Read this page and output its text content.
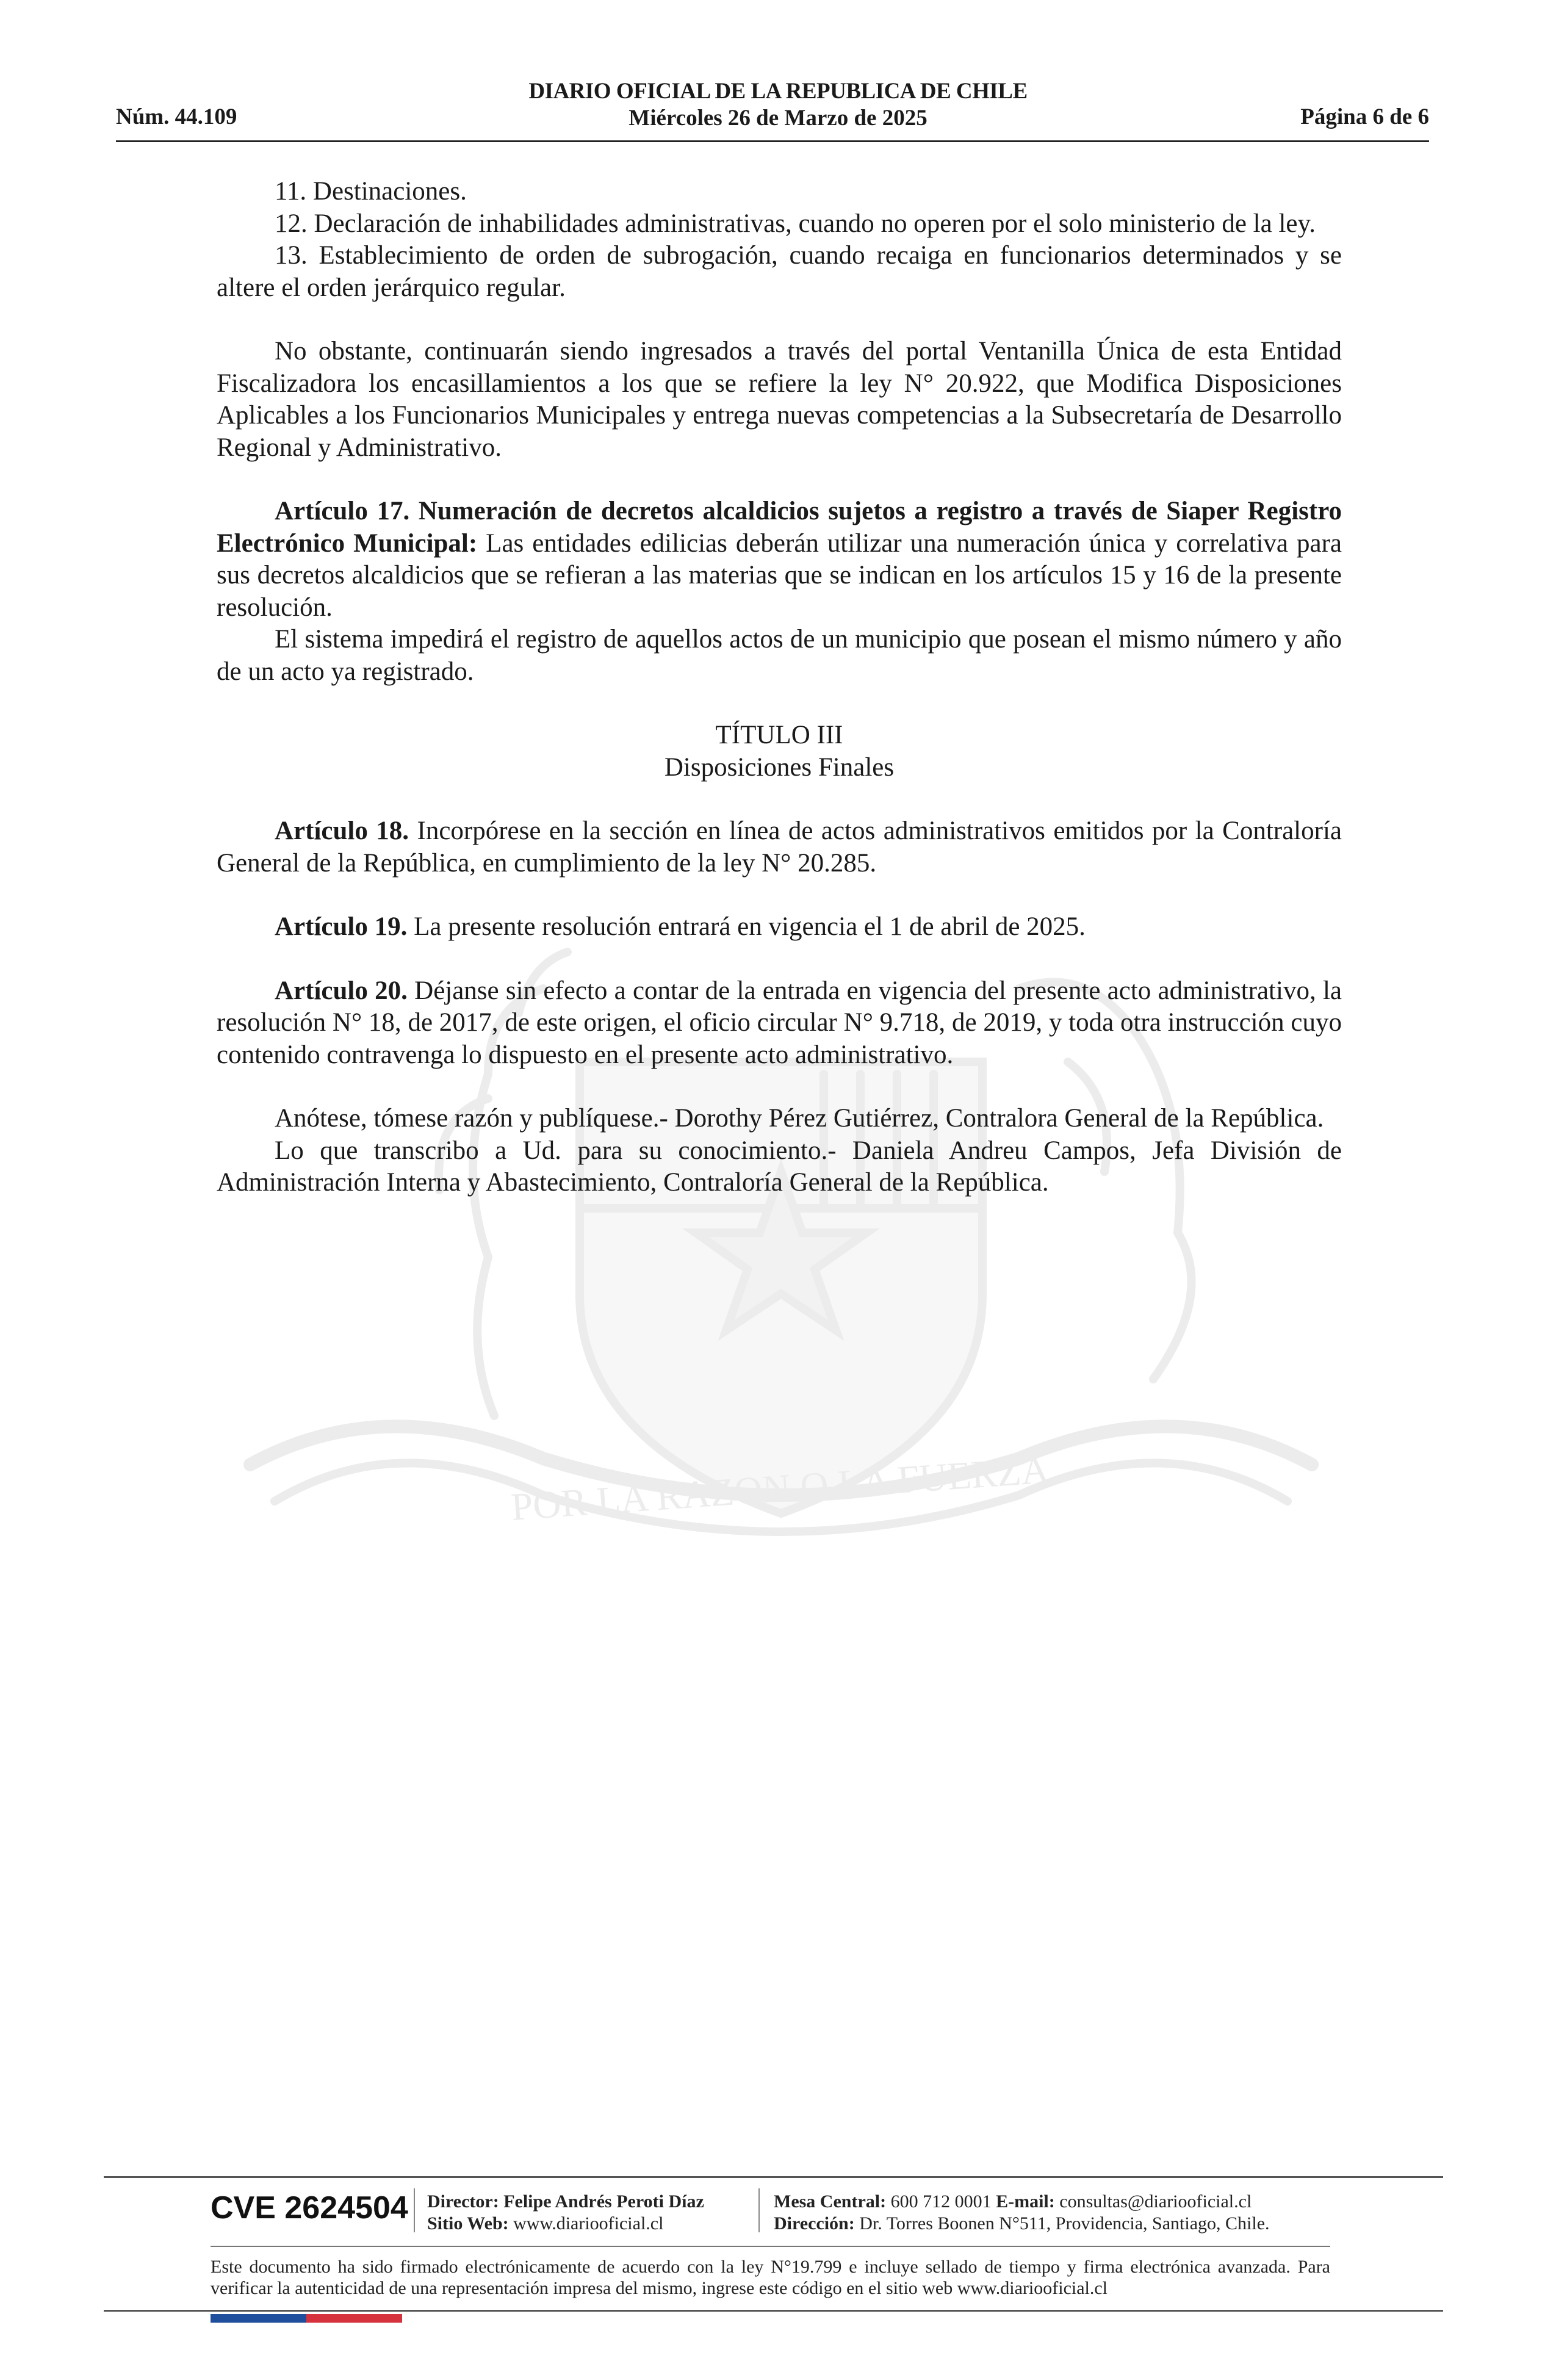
Núm. 44.109
DIARIO OFICIAL DE LA REPUBLICA DE CHILE
Miércoles 26 de Marzo de 2025	Página 6 de 6
POR LA RAZON O LA FUERZA

11. Destinaciones.

12. Declaración de inhabilidades administrativas, cuando no operen por el solo ministerio de la ley.

13. Establecimiento de orden de subrogación, cuando recaiga en funcionarios determinados y se altere el orden jerárquico regular.

No obstante, continuarán siendo ingresados a través del portal Ventanilla Única de esta Entidad Fiscalizadora los encasillamientos a los que se refiere la ley N° 20.922, que Modifica Disposiciones Aplicables a los Funcionarios Municipales y entrega nuevas competencias a la Subsecretaría de Desarrollo Regional y Administrativo.

Artículo 17. Numeración de decretos alcaldicios sujetos a registro a través de Siaper Registro Electrónico Municipal: Las entidades edilicias deberán utilizar una numeración única y correlativa para sus decretos alcaldicios que se refieran a las materias que se indican en los artículos 15 y 16 de la presente resolución.

El sistema impedirá el registro de aquellos actos de un municipio que posean el mismo número y año de un acto ya registrado.

TÍTULO III

Disposiciones Finales

Artículo 18. Incorpórese en la sección en línea de actos administrativos emitidos por la Contraloría General de la República, en cumplimiento de la ley N° 20.285.

Artículo 19. La presente resolución entrará en vigencia el 1 de abril de 2025.

Artículo 20. Déjanse sin efecto a contar de la entrada en vigencia del presente acto administrativo, la resolución N° 18, de 2017, de este origen, el oficio circular N° 9.718, de 2019, y toda otra instrucción cuyo contenido contravenga lo dispuesto en el presente acto administrativo.

Anótese, tómese razón y publíquese.- Dorothy Pérez Gutiérrez, Contralora General de la República.

Lo que transcribo a Ud. para su conocimiento.- Daniela Andreu Campos, Jefa División de Administración Interna y Abastecimiento, Contraloría General de la República.

CVE 2624504 Director: Felipe Andrés Peroti Díaz
Sitio Web: www.diariooficial.cl
Mesa Central: 600 712 0001 E-mail: consultas@diariooficial.cl
Dirección: Dr. Torres Boonen N°511, Providencia, Santiago, Chile.
Este documento ha sido firmado electrónicamente de acuerdo con la ley N°19.799 e incluye sellado de tiempo y firma electrónica avanzada. Para verificar la autenticidad de una representación impresa del mismo, ingrese este código en el sitio web www.diariooficial.cl
